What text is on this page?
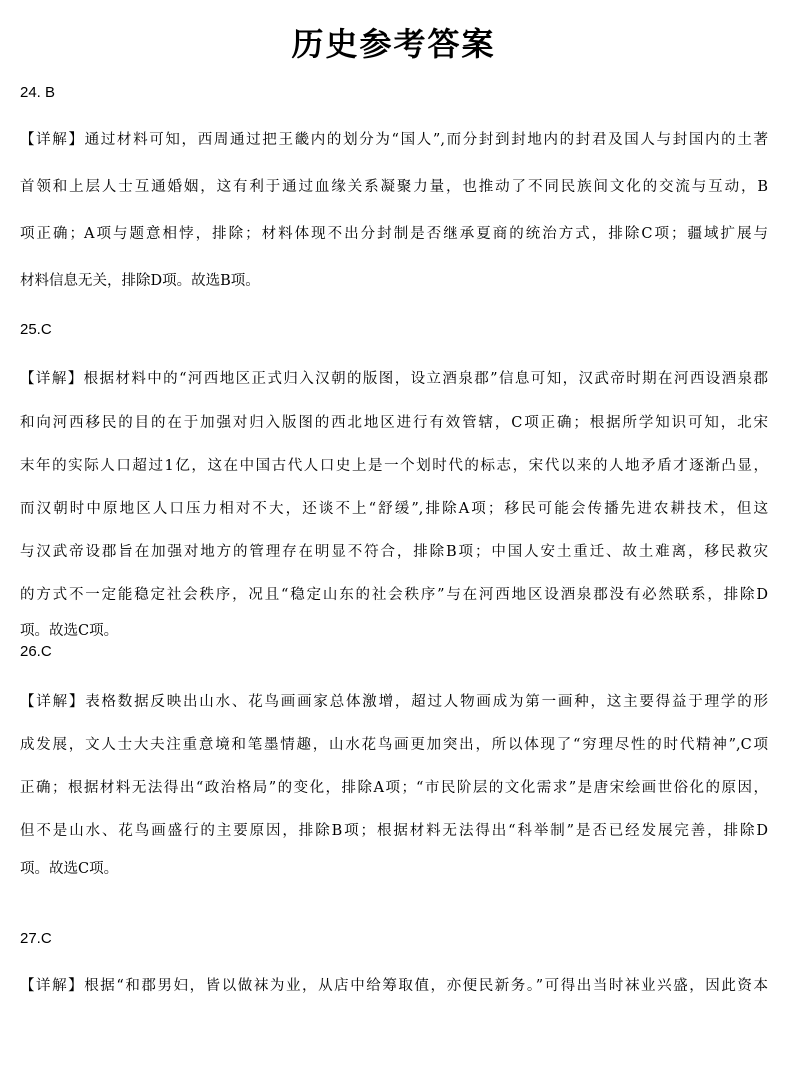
历史参考答案
24. B
【详解】通过材料可知，西周通过把王畿内的划分为“国人”,而分封到封地内的封君及国人与封国内的土著
首领和上层人士互通婚姻，这有利于通过血缘关系凝聚力量，也推动了不同民族间文化的交流与互动，B
项正确；A项与题意相悖，排除；材料体现不出分封制是否继承夏商的统治方式，排除C项；疆域扩展与
材料信息无关，排除D项。故选B项。
25.C
【详解】根据材料中的“河西地区正式归入汉朝的版图，设立酒泉郡”信息可知，汉武帝时期在河西设酒泉郡
和向河西移民的目的在于加强对归入版图的西北地区进行有效管辖，C项正确；根据所学知识可知，北宋
末年的实际人口超过1亿，这在中国古代人口史上是一个划时代的标志，宋代以来的人地矛盾才逐渐凸显，
而汉朝时中原地区人口压力相对不大，还谈不上“舒缓”,排除A项；移民可能会传播先进农耕技术，但这
与汉武帝设郡旨在加强对地方的管理存在明显不符合，排除B项；中国人安土重迁、故土难离，移民救灾
的方式不一定能稳定社会秩序，况且“稳定山东的社会秩序”与在河西地区设酒泉郡没有必然联系，排除D
项。故选C项。
26.C
【详解】表格数据反映出山水、花鸟画画家总体激增，超过人物画成为第一画种，这主要得益于理学的形
成发展，文人士大夫注重意境和笔墨情趣，山水花鸟画更加突出，所以体现了“穷理尽性的时代精神”,C项
正确；根据材料无法得出“政治格局”的变化，排除A项；“市民阶层的文化需求”是唐宋绘画世俗化的原因，
但不是山水、花鸟画盛行的主要原因，排除B项；根据材料无法得出“科举制”是否已经发展完善，排除D
项。故选C项。
27.C
【详解】根据“和郡男妇，皆以做袜为业，从店中给筹取值，亦便民新务。”可得出当时袜业兴盛，因此资本
